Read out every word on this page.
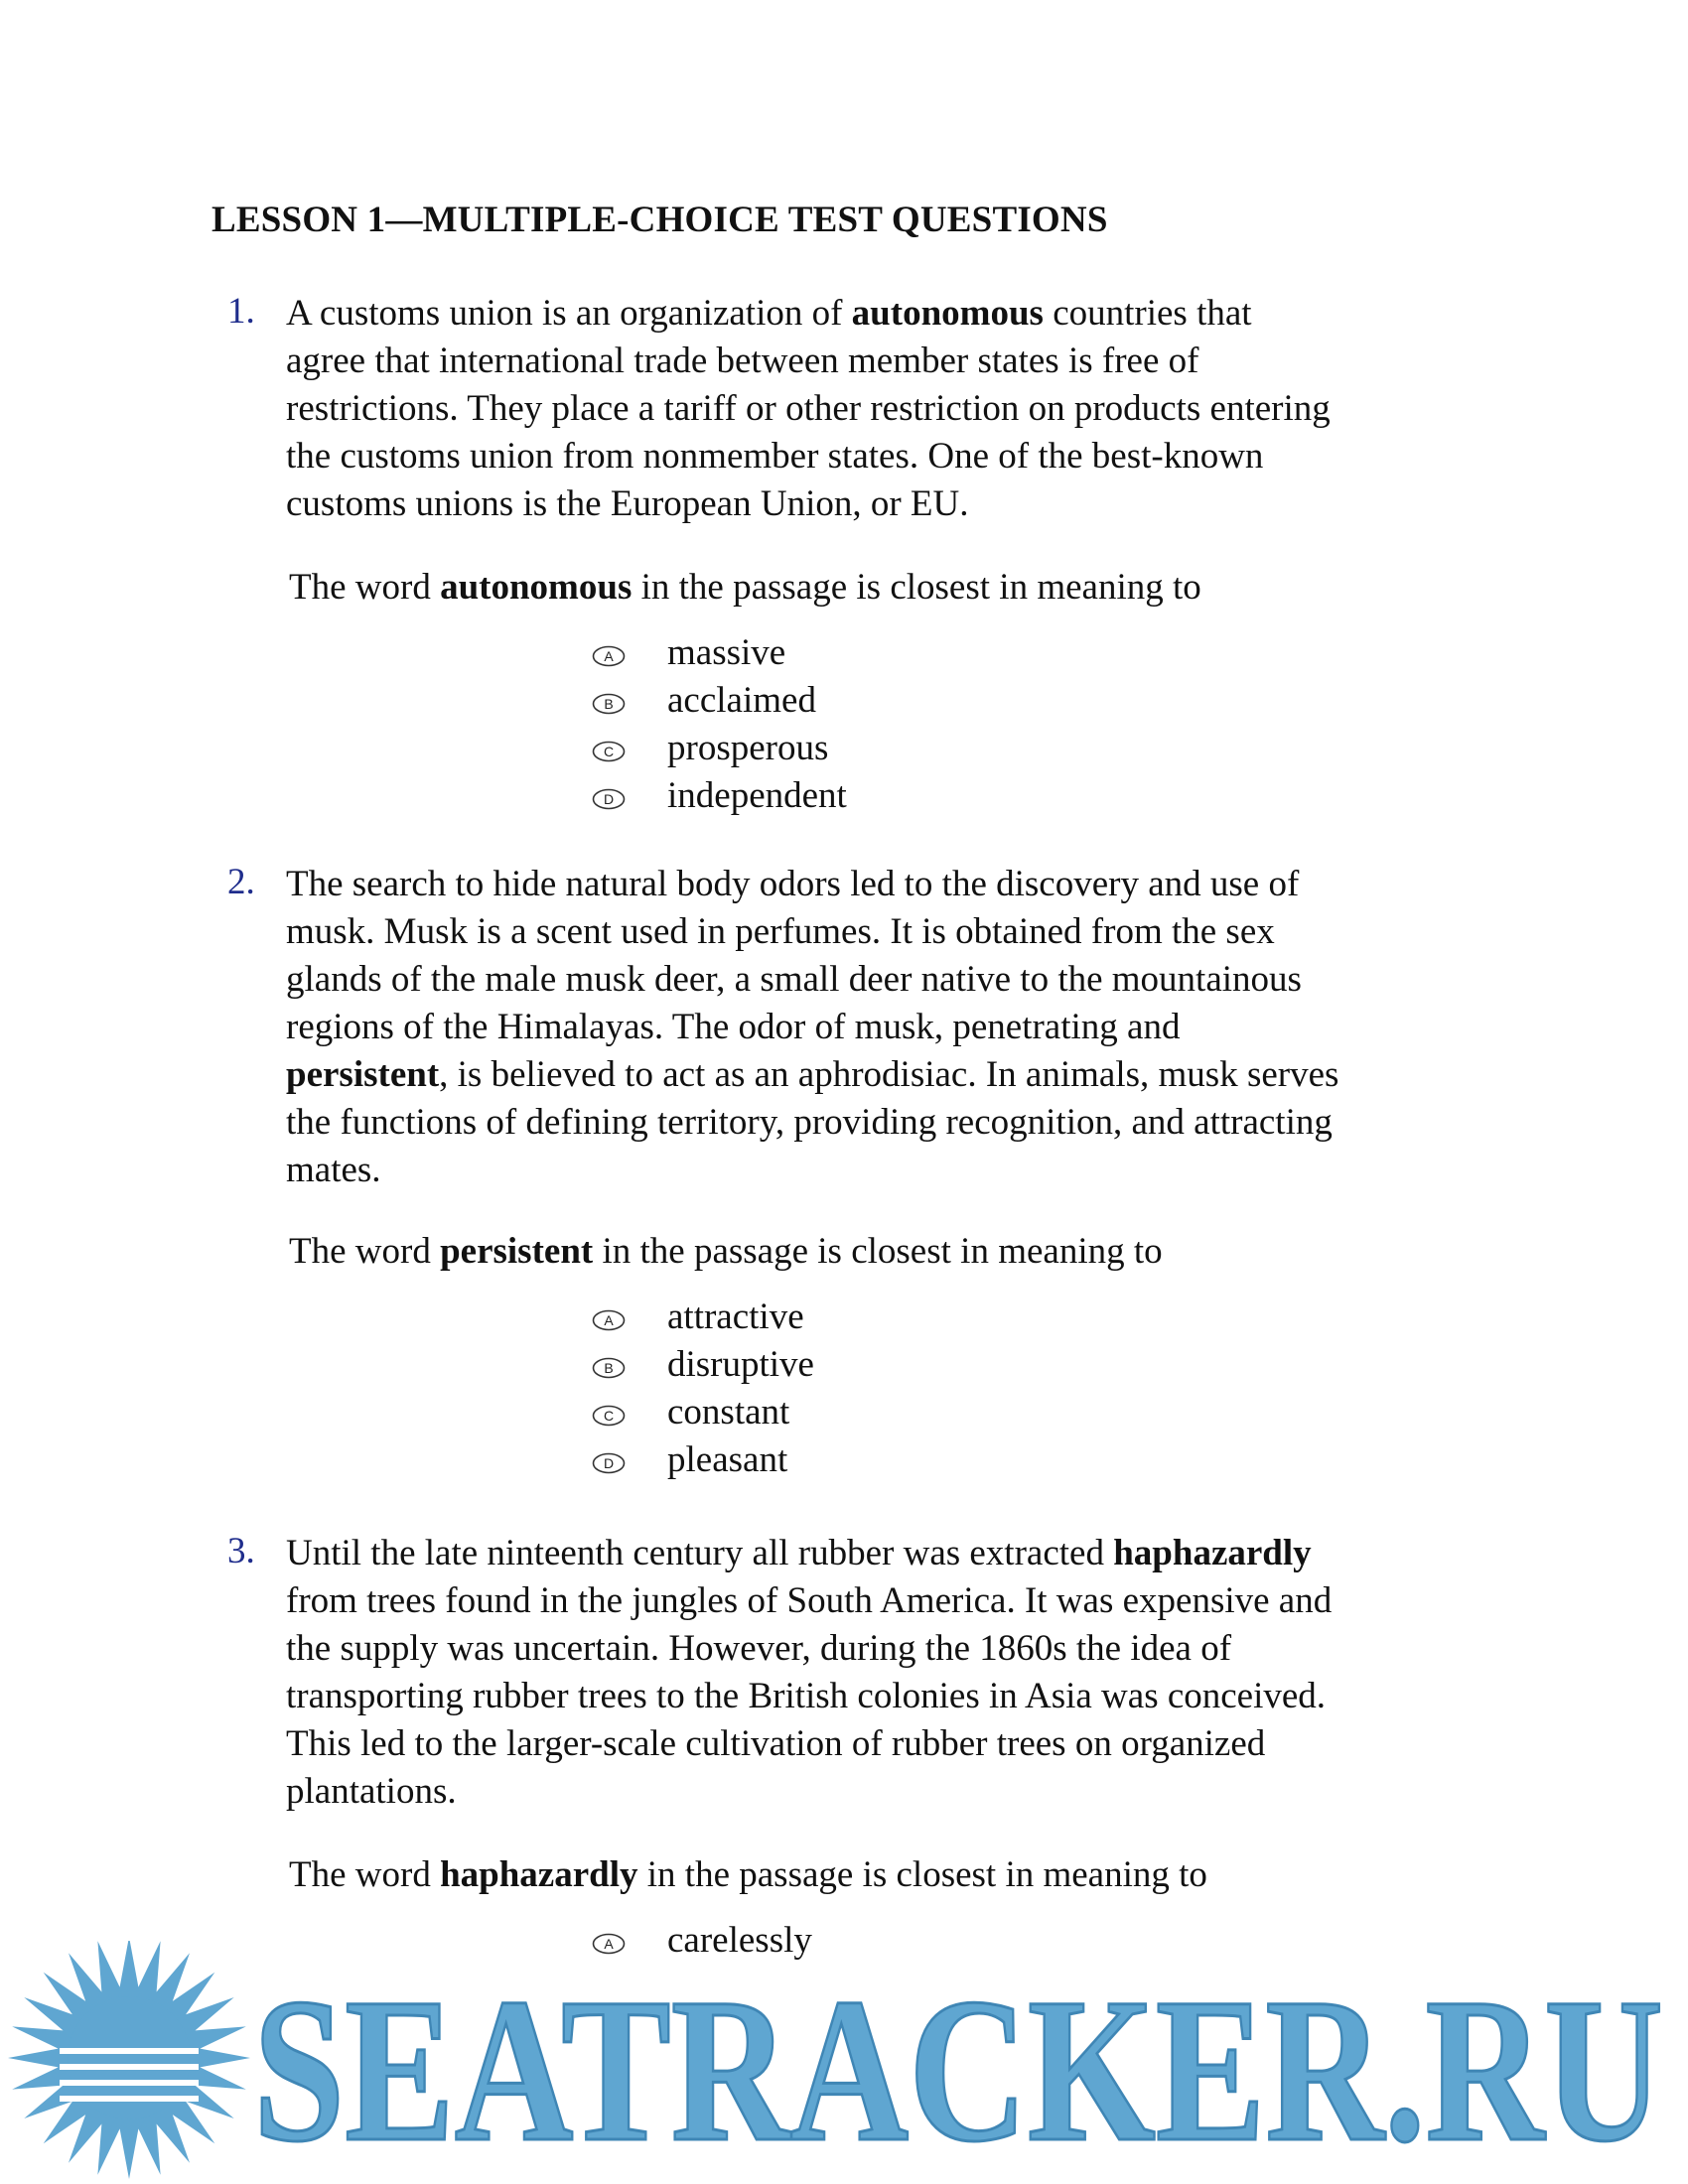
LESSON 1—MULTIPLE-CHOICE TEST QUESTIONS
1. A customs union is an organization of autonomous countries that
agree that international trade between member states is free of
restrictions. They place a tariff or other restriction on products entering
the customs union from nonmember states. One of the best-known
customs unions is the European Union, or EU.

The word autonomous in the passage is closest in meaning to

A massive
B acclaimed
C prosperous
D independent
2. The search to hide natural body odors led to the discovery and use of
musk. Musk is a scent used in perfumes. It is obtained from the sex
glands of the male musk deer, a small deer native to the mountainous
regions of the Himalayas. The odor of musk, penetrating and
persistent, is believed to act as an aphrodisiac. In animals, musk serves
the functions of defining territory, providing recognition, and attracting
mates.

The word persistent in the passage is closest in meaning to

A attractive
B disruptive
C constant
D pleasant
3. Until the late ninteenth century all rubber was extracted haphazardly
from trees found in the jungles of South America. It was expensive and
the supply was uncertain. However, during the 1860s the idea of
transporting rubber trees to the British colonies in Asia was conceived.
This led to the larger-scale cultivation of rubber trees on organized
plantations.

The word haphazardly in the passage is closest in meaning to

A carelessly
SEATRACKER.RU
